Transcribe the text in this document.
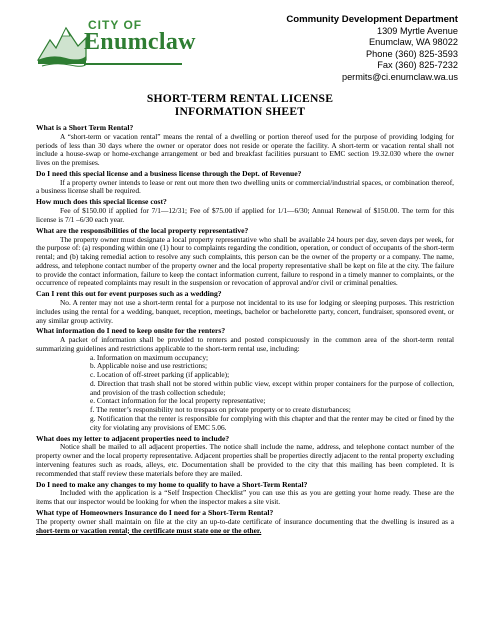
CITY OF
Enumclaw
Community Development Department
1309 Myrtle Avenue
Enumclaw, WA 98022
Phone (360) 825-3593
Fax (360) 825-7232
permits@ci.enumclaw.wa.us
SHORT-TERM RENTAL LICENSE
INFORMATION SHEET
What is a Short Term Rental?

A “short-term or vacation rental” means the rental of a dwelling or portion thereof used for the purpose of providing lodging for periods of less than 30 days where the owner or operator does not reside or operate the facility. A short-term or vacation rental shall not include a house-swap or home-exchange arrangement or bed and breakfast facilities pursuant to EMC section 19.32.030 where the owner lives on the premises.

Do I need this special license and a business license through the Dept. of Revenue?

If a property owner intends to lease or rent out more then two dwelling units or commercial/industrial spaces, or combination thereof, a business license shall be required.

How much does this special license cost?

Fee of $150.00 if applied for 7/1—12/31; Fee of $75.00 if applied for 1/1—6/30; Annual Renewal of $150.00. The term for this license is 7/1 –6/30 each year.

What are the responsibilities of the local property representative?

The property owner must designate a local property representative who shall be available 24 hours per day, seven days per week, for the purpose of: (a) responding within one (1) hour to complaints regarding the condition, operation, or conduct of occupants of the short-term rental; and (b) taking remedial action to resolve any such complaints, this person can be the owner of the property or a company. The name, address, and telephone contact number of the property owner and the local property representative shall be kept on file at the city. The failure to provide the contact information, failure to keep the contact information current, failure to respond in a timely manner to complaints, or the occurrence of repeated complaints may result in the suspension or revocation of approval and/or civil or criminal penalties.

Can I rent this out for event purposes such as a wedding?

No. A renter may not use a short-term rental for a purpose not incidental to its use for lodging or sleeping purposes. This restriction includes using the rental for a wedding, banquet, reception, meetings, bachelor or bachelorette party, concert, fundraiser, sponsored event, or any similar group activity.

What information do I need to keep onsite for the renters?

A packet of information shall be provided to renters and posted conspicuously in the common area of the short-term rental summarizing guidelines and restrictions applicable to the short-term rental use, including:

a. Information on maximum occupancy;
b. Applicable noise and use restrictions;
c. Location of off-street parking (if applicable);
d. Direction that trash shall not be stored within public view, except within proper containers for the purpose of collection, and provision of the trash collection schedule;
e. Contact information for the local property representative;
f. The renter’s responsibility not to trespass on private property or to create disturbances;
g. Notification that the renter is responsible for complying with this chapter and that the renter may be cited or fined by the city for violating any provisions of EMC 5.06.
What does my letter to adjacent properties need to include?

Notice shall be mailed to all adjacent properties. The notice shall include the name, address, and telephone contact number of the property owner and the local property representative. Adjacent properties shall be properties directly adjacent to the rental property excluding intervening features such as roads, alleys, etc. Documentation shall be provided to the city that this mailing has been completed. It is recommended that staff review these materials before they are mailed.

Do I need to make any changes to my home to qualify to have a Short-Term Rental?

Included with the application is a “Self Inspection Checklist” you can use this as you are getting your home ready. These are the items that our inspector would be looking for when the inspector makes a site visit.

What type of Homeowners Insurance do I need for a Short-Term Rental?

The property owner shall maintain on file at the city an up-to-date certificate of insurance documenting that the dwelling is insured as a short-term or vacation rental; the certificate must state one or the other.
